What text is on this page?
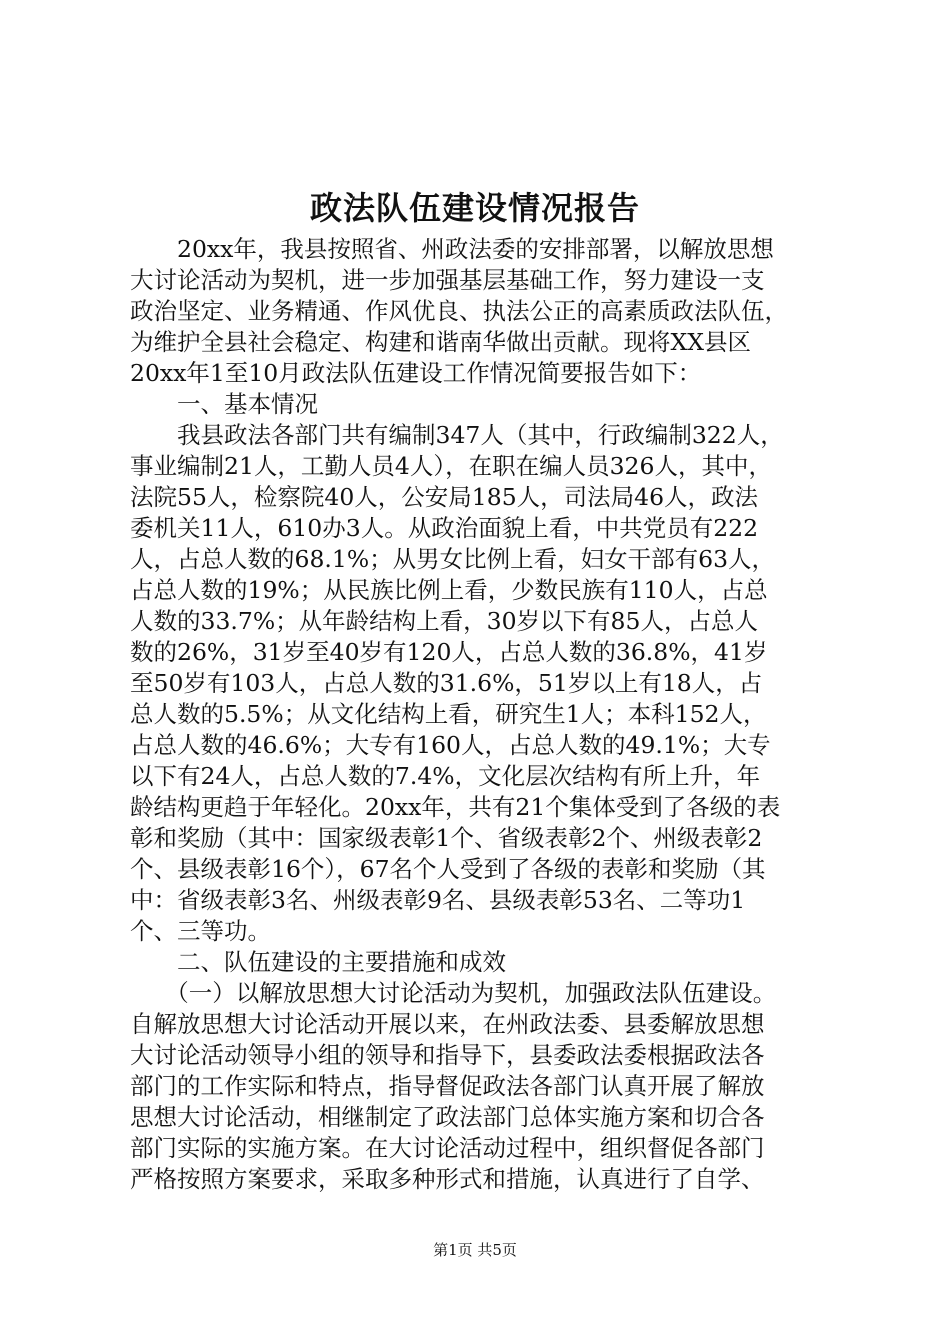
政法队伍建设情况报告
　　20xx年，我县按照省、州政法委的安排部署，以解放思想
大讨论活动为契机，进一步加强基层基础工作，努力建设一支
政治坚定、业务精通、作风优良、执法公正的高素质政法队伍，
为维护全县社会稳定、构建和谐南华做出贡献。现将XX县区
20xx年1至10月政法队伍建设工作情况简要报告如下：
　　一、基本情况
　　我县政法各部门共有编制347人（其中，行政编制322人，
事业编制21人，工勤人员4人），在职在编人员326人，其中，
法院55人，检察院40人，公安局185人，司法局46人，政法
委机关11人，610办3人。从政治面貌上看，中共党员有222
人，占总人数的68.1%；从男女比例上看，妇女干部有63人，
占总人数的19%；从民族比例上看，少数民族有110人，占总
人数的33.7%；从年龄结构上看，30岁以下有85人，占总人
数的26%，31岁至40岁有120人，占总人数的36.8%，41岁
至50岁有103人，占总人数的31.6%，51岁以上有18人，占
总人数的5.5%；从文化结构上看，研究生1人；本科152人，
占总人数的46.6%；大专有160人，占总人数的49.1%；大专
以下有24人，占总人数的7.4%，文化层次结构有所上升，年
龄结构更趋于年轻化。20xx年，共有21个集体受到了各级的表
彰和奖励（其中：国家级表彰1个、省级表彰2个、州级表彰2
个、县级表彰16个），67名个人受到了各级的表彰和奖励（其
中：省级表彰3名、州级表彰9名、县级表彰53名、二等功1
个、三等功。
　　二、队伍建设的主要措施和成效
　　（一）以解放思想大讨论活动为契机，加强政法队伍建设。
自解放思想大讨论活动开展以来，在州政法委、县委解放思想
大讨论活动领导小组的领导和指导下，县委政法委根据政法各
部门的工作实际和特点，指导督促政法各部门认真开展了解放
思想大讨论活动，相继制定了政法部门总体实施方案和切合各
部门实际的实施方案。在大讨论活动过程中，组织督促各部门
严格按照方案要求，采取多种形式和措施，认真进行了自学、
第1页 共5页
